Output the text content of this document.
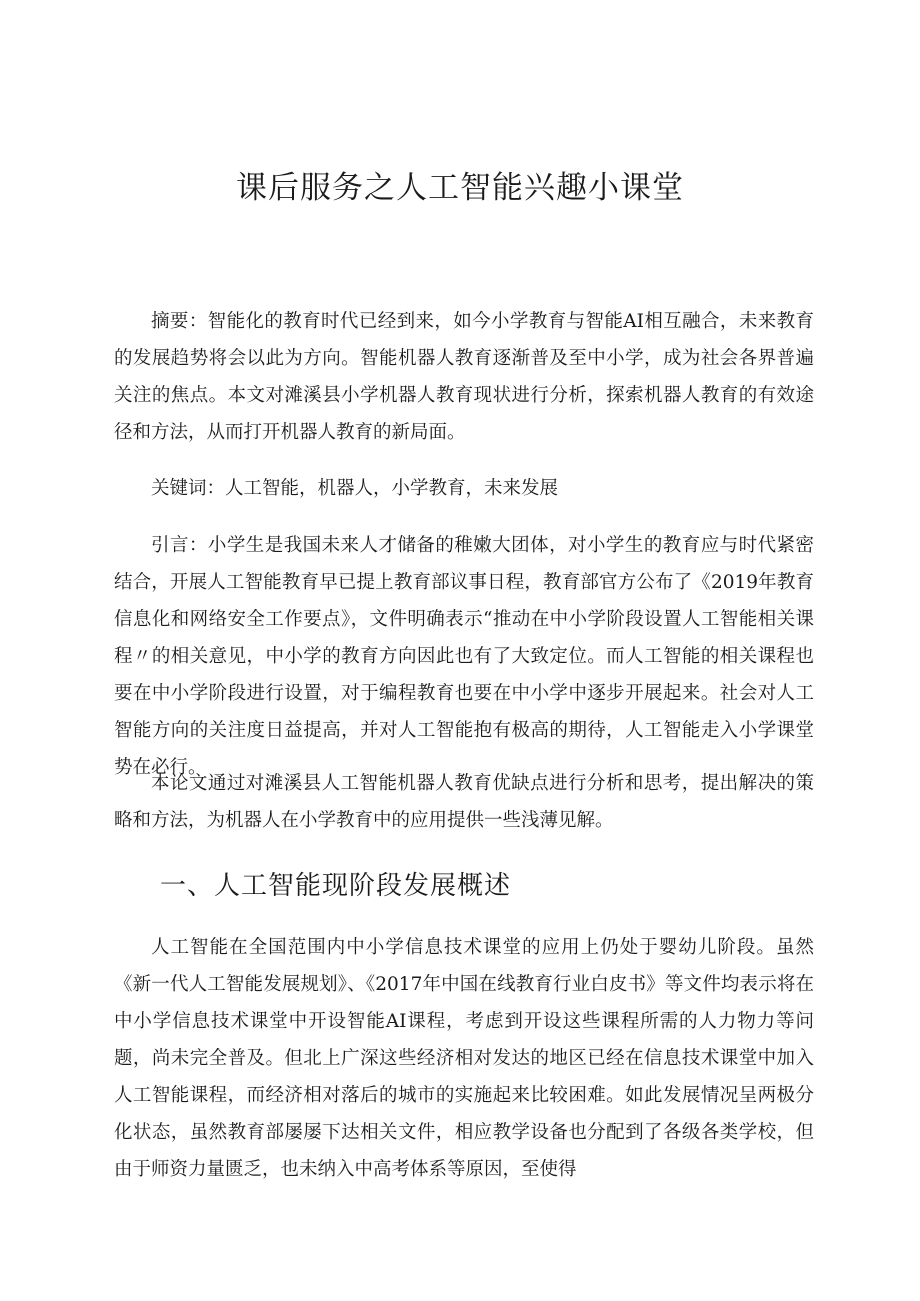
课后服务之人工智能兴趣小课堂

摘要：智能化的教育时代已经到来，如今小学教育与智能AI相互融合，未来教育的发展趋势将会以此为方向。智能机器人教育逐渐普及至中小学，成为社会各界普遍关注的焦点。本文对滩溪县小学机器人教育现状进行分析，探索机器人教育的有效途径和方法，从而打开机器人教育的新局面。

关键词：人工智能，机器人，小学教育，未来发展

引言：小学生是我国未来人才储备的稚嫩大团体，对小学生的教育应与时代紧密结合，开展人工智能教育早已提上教育部议事日程，教育部官方公布了《2019年教育信息化和网络安全工作要点》，文件明确表示“推动在中小学阶段设置人工智能相关课程〃的相关意见，中小学的教育方向因此也有了大致定位。而人工智能的相关课程也要在中小学阶段进行设置，对于编程教育也要在中小学中逐步开展起来。社会对人工智能方向的关注度日益提高，并对人工智能抱有极高的期待，人工智能走入小学课堂势在必行。

本论文通过对滩溪县人工智能机器人教育优缺点进行分析和思考，提出解决的策略和方法，为机器人在小学教育中的应用提供一些浅薄见解。

一、人工智能现阶段发展概述

人工智能在全国范围内中小学信息技术课堂的应用上仍处于婴幼儿阶段。虽然《新一代人工智能发展规划》、《2017年中国在线教育行业白皮书》等文件均表示将在中小学信息技术课堂中开设智能AI课程，考虑到开设这些课程所需的人力物力等问题，尚未完全普及。但北上广深这些经济相对发达的地区已经在信息技术课堂中加入人工智能课程，而经济相对落后的城市的实施起来比较困难。如此发展情况呈两极分化状态，虽然教育部屡屡下达相关文件，相应教学设备也分配到了各级各类学校，但由于师资力量匮乏，也未纳入中高考体系等原因，至使得
